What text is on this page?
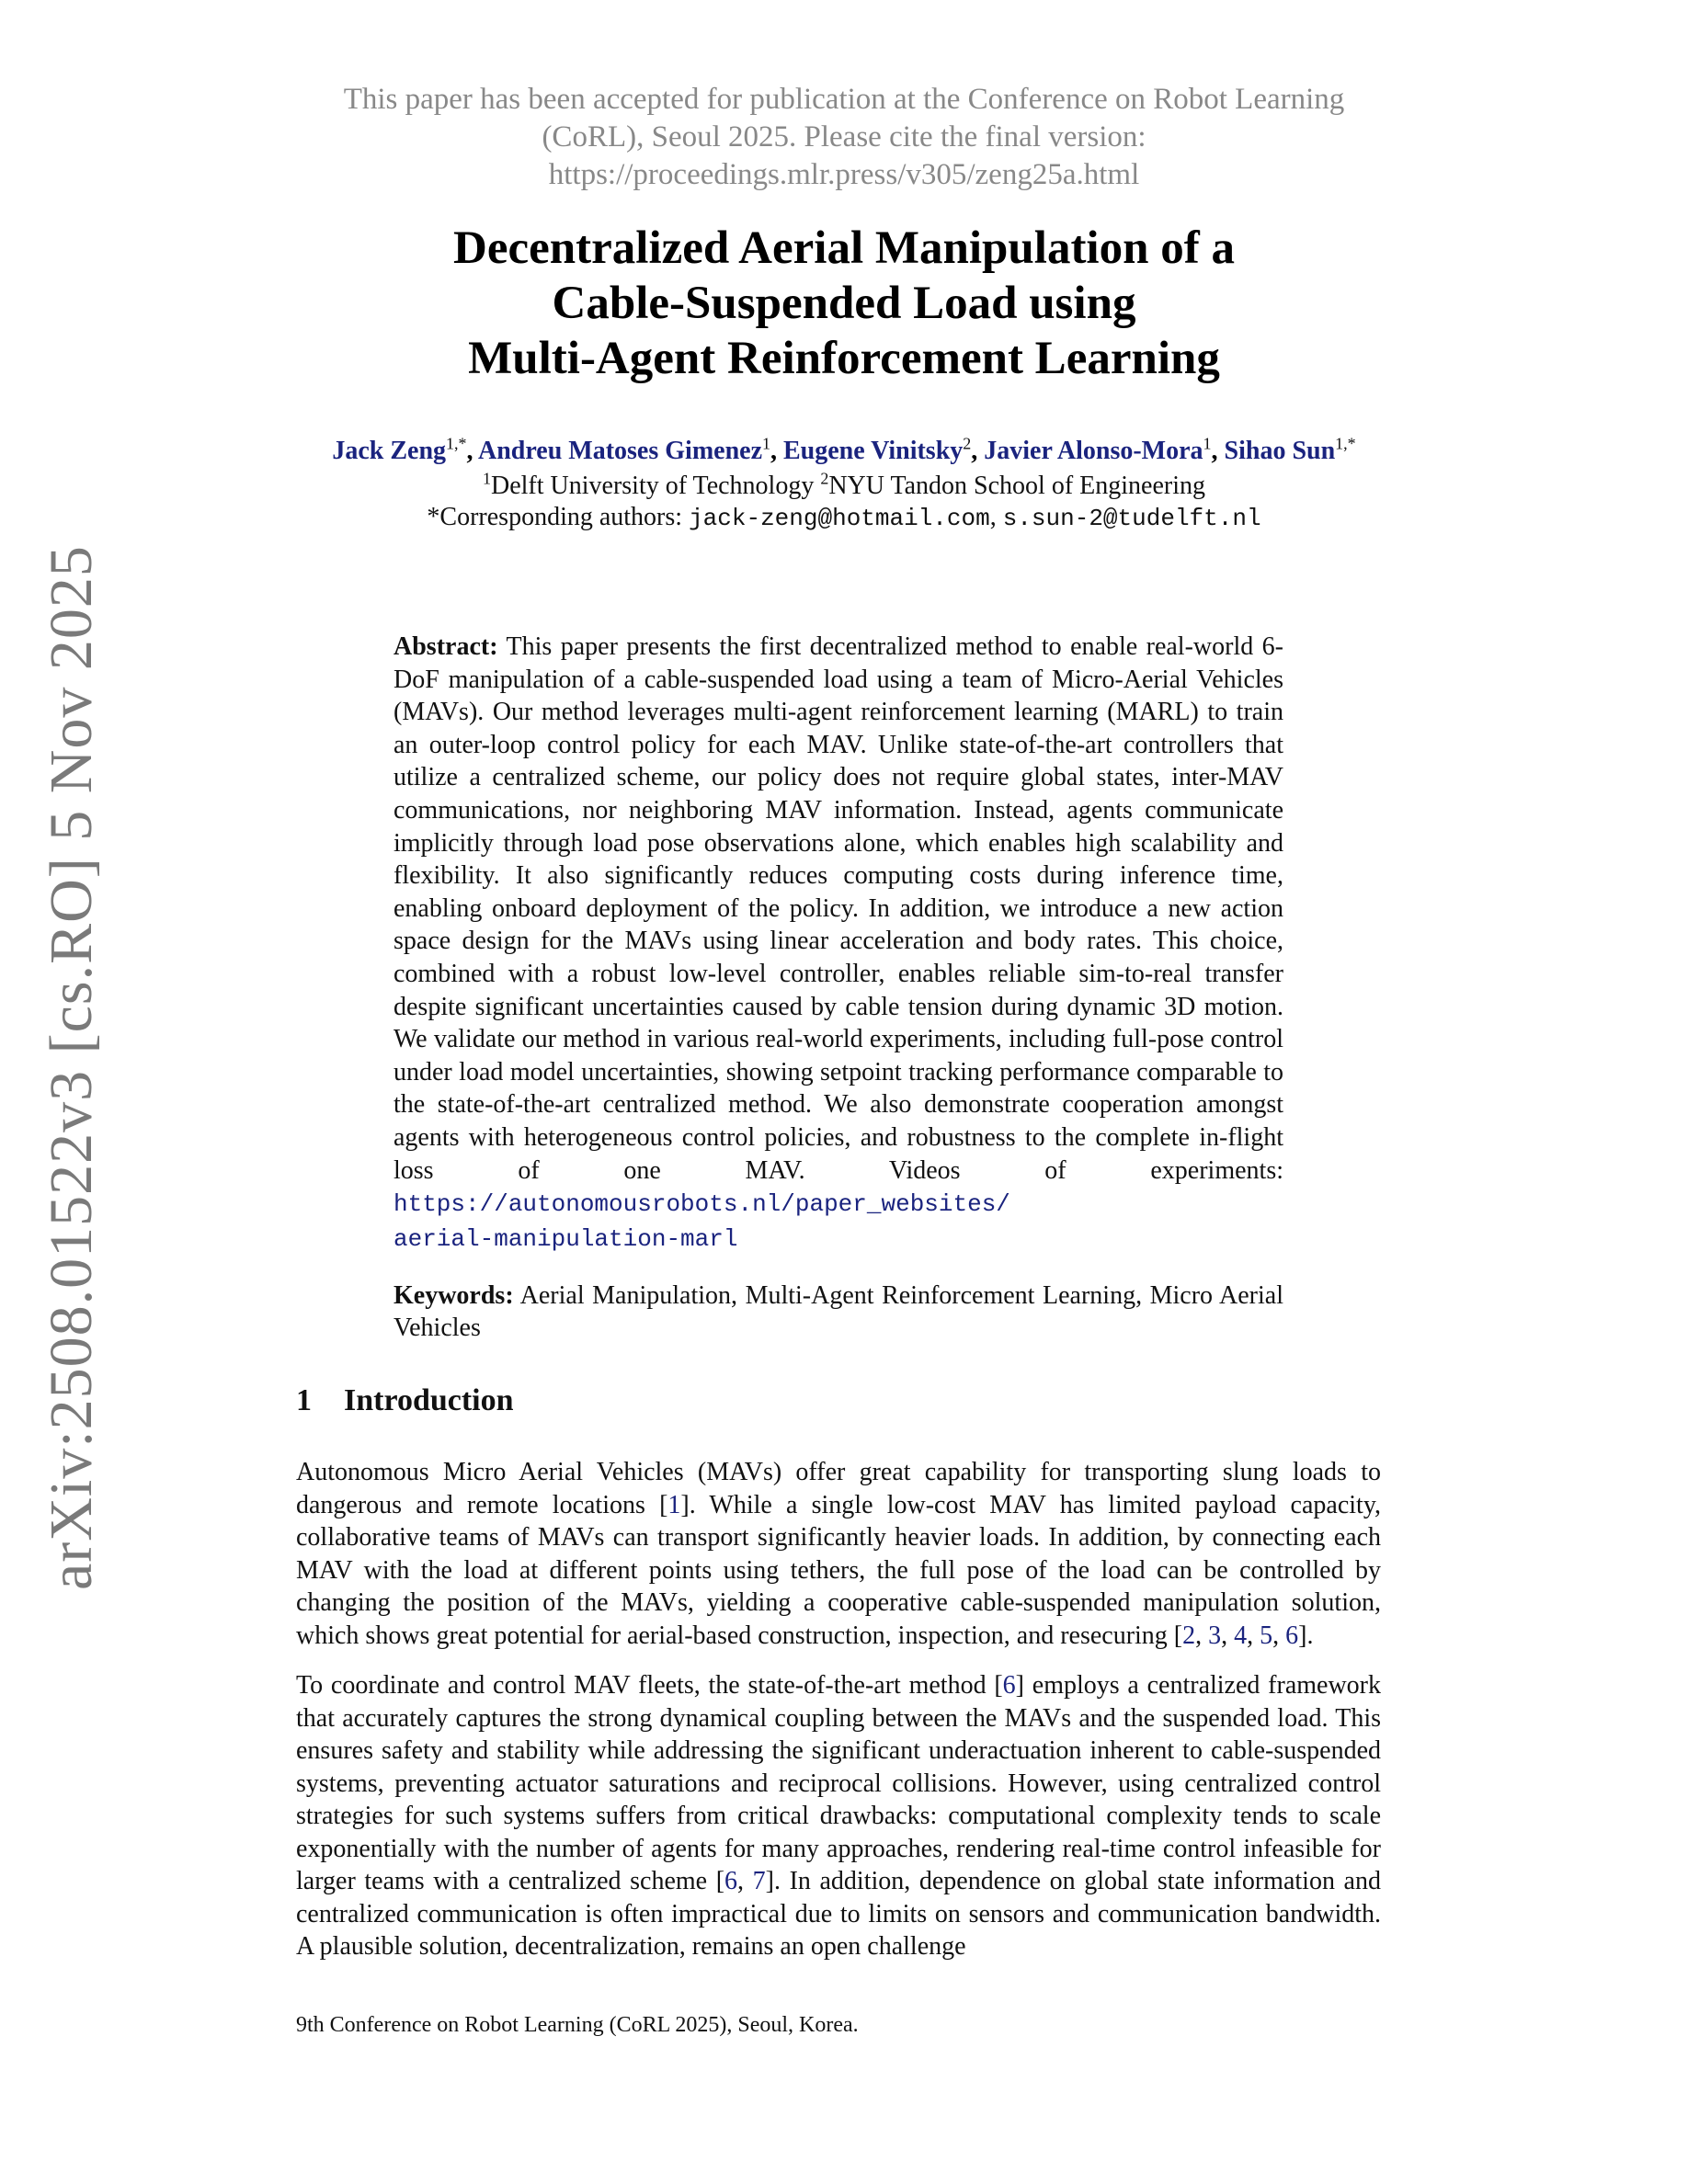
arXiv:2508.01522v3 [cs.RO] 5 Nov 2025
This paper has been accepted for publication at the Conference on Robot Learning
(CoRL), Seoul 2025. Please cite the final version:
https://proceedings.mlr.press/v305/zeng25a.html
Decentralized Aerial Manipulation of a
Cable-Suspended Load using
Multi-Agent Reinforcement Learning
Jack Zeng$^{1,*}$, Andreu Matoses Gimenez$^1$, Eugene Vinitsky$^2$, Javier Alonso-Mora$^1$, Sihao Sun$^{1,*}$
$^1$Delft University of Technology $^2$NYU Tandon School of Engineering
*Corresponding authors: jack-zeng@hotmail.com, s.sun-2@tudelft.nl
Abstract: This paper presents the first decentralized method to enable real-world 6-DoF manipulation of a cable-suspended load using a team of Micro-Aerial Vehicles (MAVs). Our method leverages multi-agent reinforcement learning (MARL) to train an outer-loop control policy for each MAV. Unlike state-of-the-art controllers that utilize a centralized scheme, our policy does not require global states, inter-MAV communications, nor neighboring MAV information. Instead, agents communicate implicitly through load pose observations alone, which enables high scalability and flexibility. It also significantly reduces computing costs during inference time, enabling onboard deployment of the policy. In addition, we introduce a new action space design for the MAVs using linear acceleration and body rates. This choice, combined with a robust low-level controller, enables reliable sim-to-real transfer despite significant uncertainties caused by cable tension during dynamic 3D motion. We validate our method in various real-world experiments, including full-pose control under load model uncertainties, showing setpoint tracking performance comparable to the state-of-the-art centralized method. We also demonstrate cooperation amongst agents with heterogeneous control policies, and robustness to the complete in-flight loss of one MAV.	Videos of experiments: https://autonomousrobots.nl/paper_websites/
aerial-manipulation-marl
Keywords: Aerial Manipulation, Multi-Agent Reinforcement Learning, Micro Aerial Vehicles
1 Introduction
Autonomous Micro Aerial Vehicles (MAVs) offer great capability for transporting slung loads to dangerous and remote locations [1]. While a single low-cost MAV has limited payload capacity, collaborative teams of MAVs can transport significantly heavier loads. In addition, by connecting each MAV with the load at different points using tethers, the full pose of the load can be controlled by changing the position of the MAVs, yielding a cooperative cable-suspended manipulation solution, which shows great potential for aerial-based construction, inspection, and resecuring [2, 3, 4, 5, 6].
To coordinate and control MAV fleets, the state-of-the-art method [6] employs a centralized framework that accurately captures the strong dynamical coupling between the MAVs and the suspended load. This ensures safety and stability while addressing the significant underactuation inherent to cable-suspended systems, preventing actuator saturations and reciprocal collisions. However, using centralized control strategies for such systems suffers from critical drawbacks: computational complexity tends to scale exponentially with the number of agents for many approaches, rendering real-time control infeasible for larger teams with a centralized scheme [6, 7]. In addition, dependence on global state information and centralized communication is often impractical due to limits on sensors and communication bandwidth. A plausible solution, decentralization, remains an open challenge
9th Conference on Robot Learning (CoRL 2025), Seoul, Korea.
